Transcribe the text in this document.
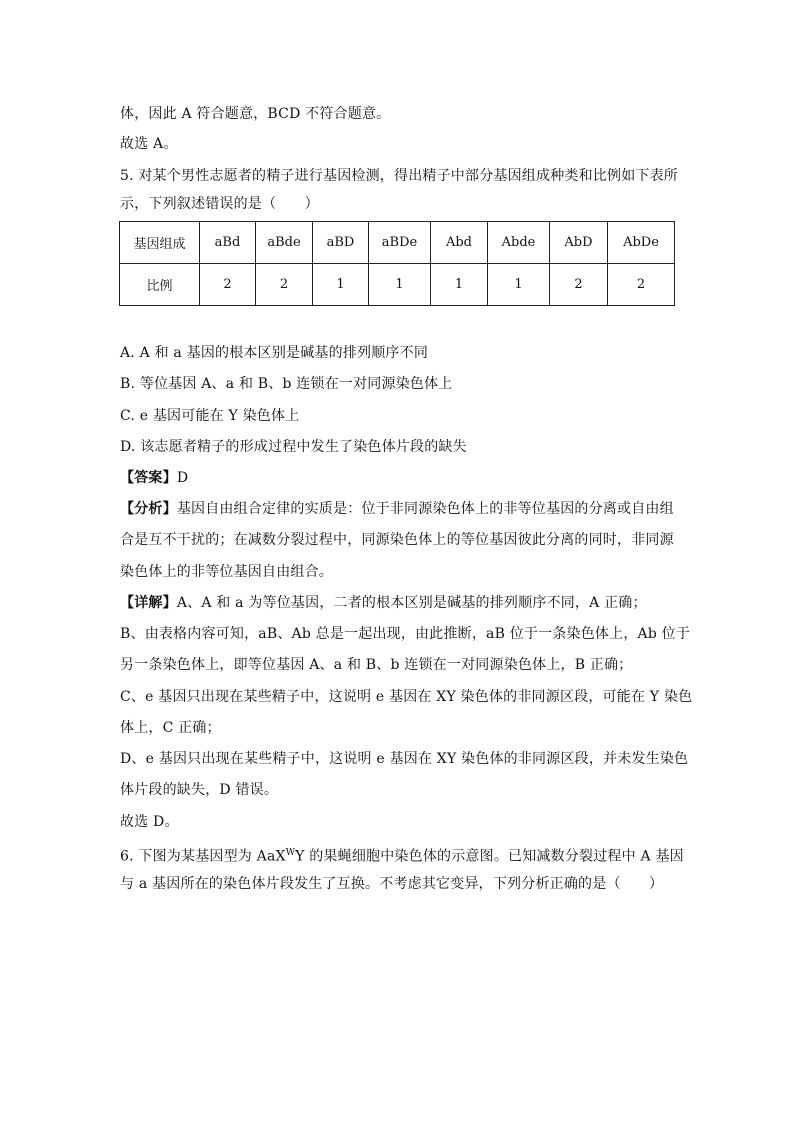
体，因此 A 符合题意，BCD 不符合题意。
故选 A。
5. 对某个男性志愿者的精子进行基因检测，得出精子中部分基因组成种类和比例如下表所
示，下列叙述错误的是（　　）
基因组成	aBd	aBde	aBD	aBDe	Abd	Abde	AbD	AbDe
比例	2	2	1	1	1	1	2	2
A. A 和 a 基因的根本区别是碱基的排列顺序不同
B. 等位基因 A、a 和 B、b 连锁在一对同源染色体上
C. e 基因可能在 Y 染色体上
D. 该志愿者精子的形成过程中发生了染色体片段的缺失
【答案】D
【分析】基因自由组合定律的实质是：位于非同源染色体上的非等位基因的分离或自由组
合是互不干扰的；在减数分裂过程中，同源染色体上的等位基因彼此分离的同时，非同源
染色体上的非等位基因自由组合。
【详解】A、A 和 a 为等位基因，二者的根本区别是碱基的排列顺序不同，A 正确；
B、由表格内容可知，aB、Ab 总是一起出现，由此推断，aB 位于一条染色体上，Ab 位于
另一条染色体上，即等位基因 A、a 和 B、b 连锁在一对同源染色体上，B 正确；
C、e 基因只出现在某些精子中，这说明 e 基因在 XY 染色体的非同源区段，可能在 Y 染色
体上，C 正确；
D、e 基因只出现在某些精子中，这说明 e 基因在 XY 染色体的非同源区段，并未发生染色
体片段的缺失，D 错误。
故选 D。
6. 下图为某基因型为 AaX$^W$Y 的果蝇细胞中染色体的示意图。已知减数分裂过程中 A 基因
与 a 基因所在的染色体片段发生了互换。不考虑其它变异，下列分析正确的是（　　）
